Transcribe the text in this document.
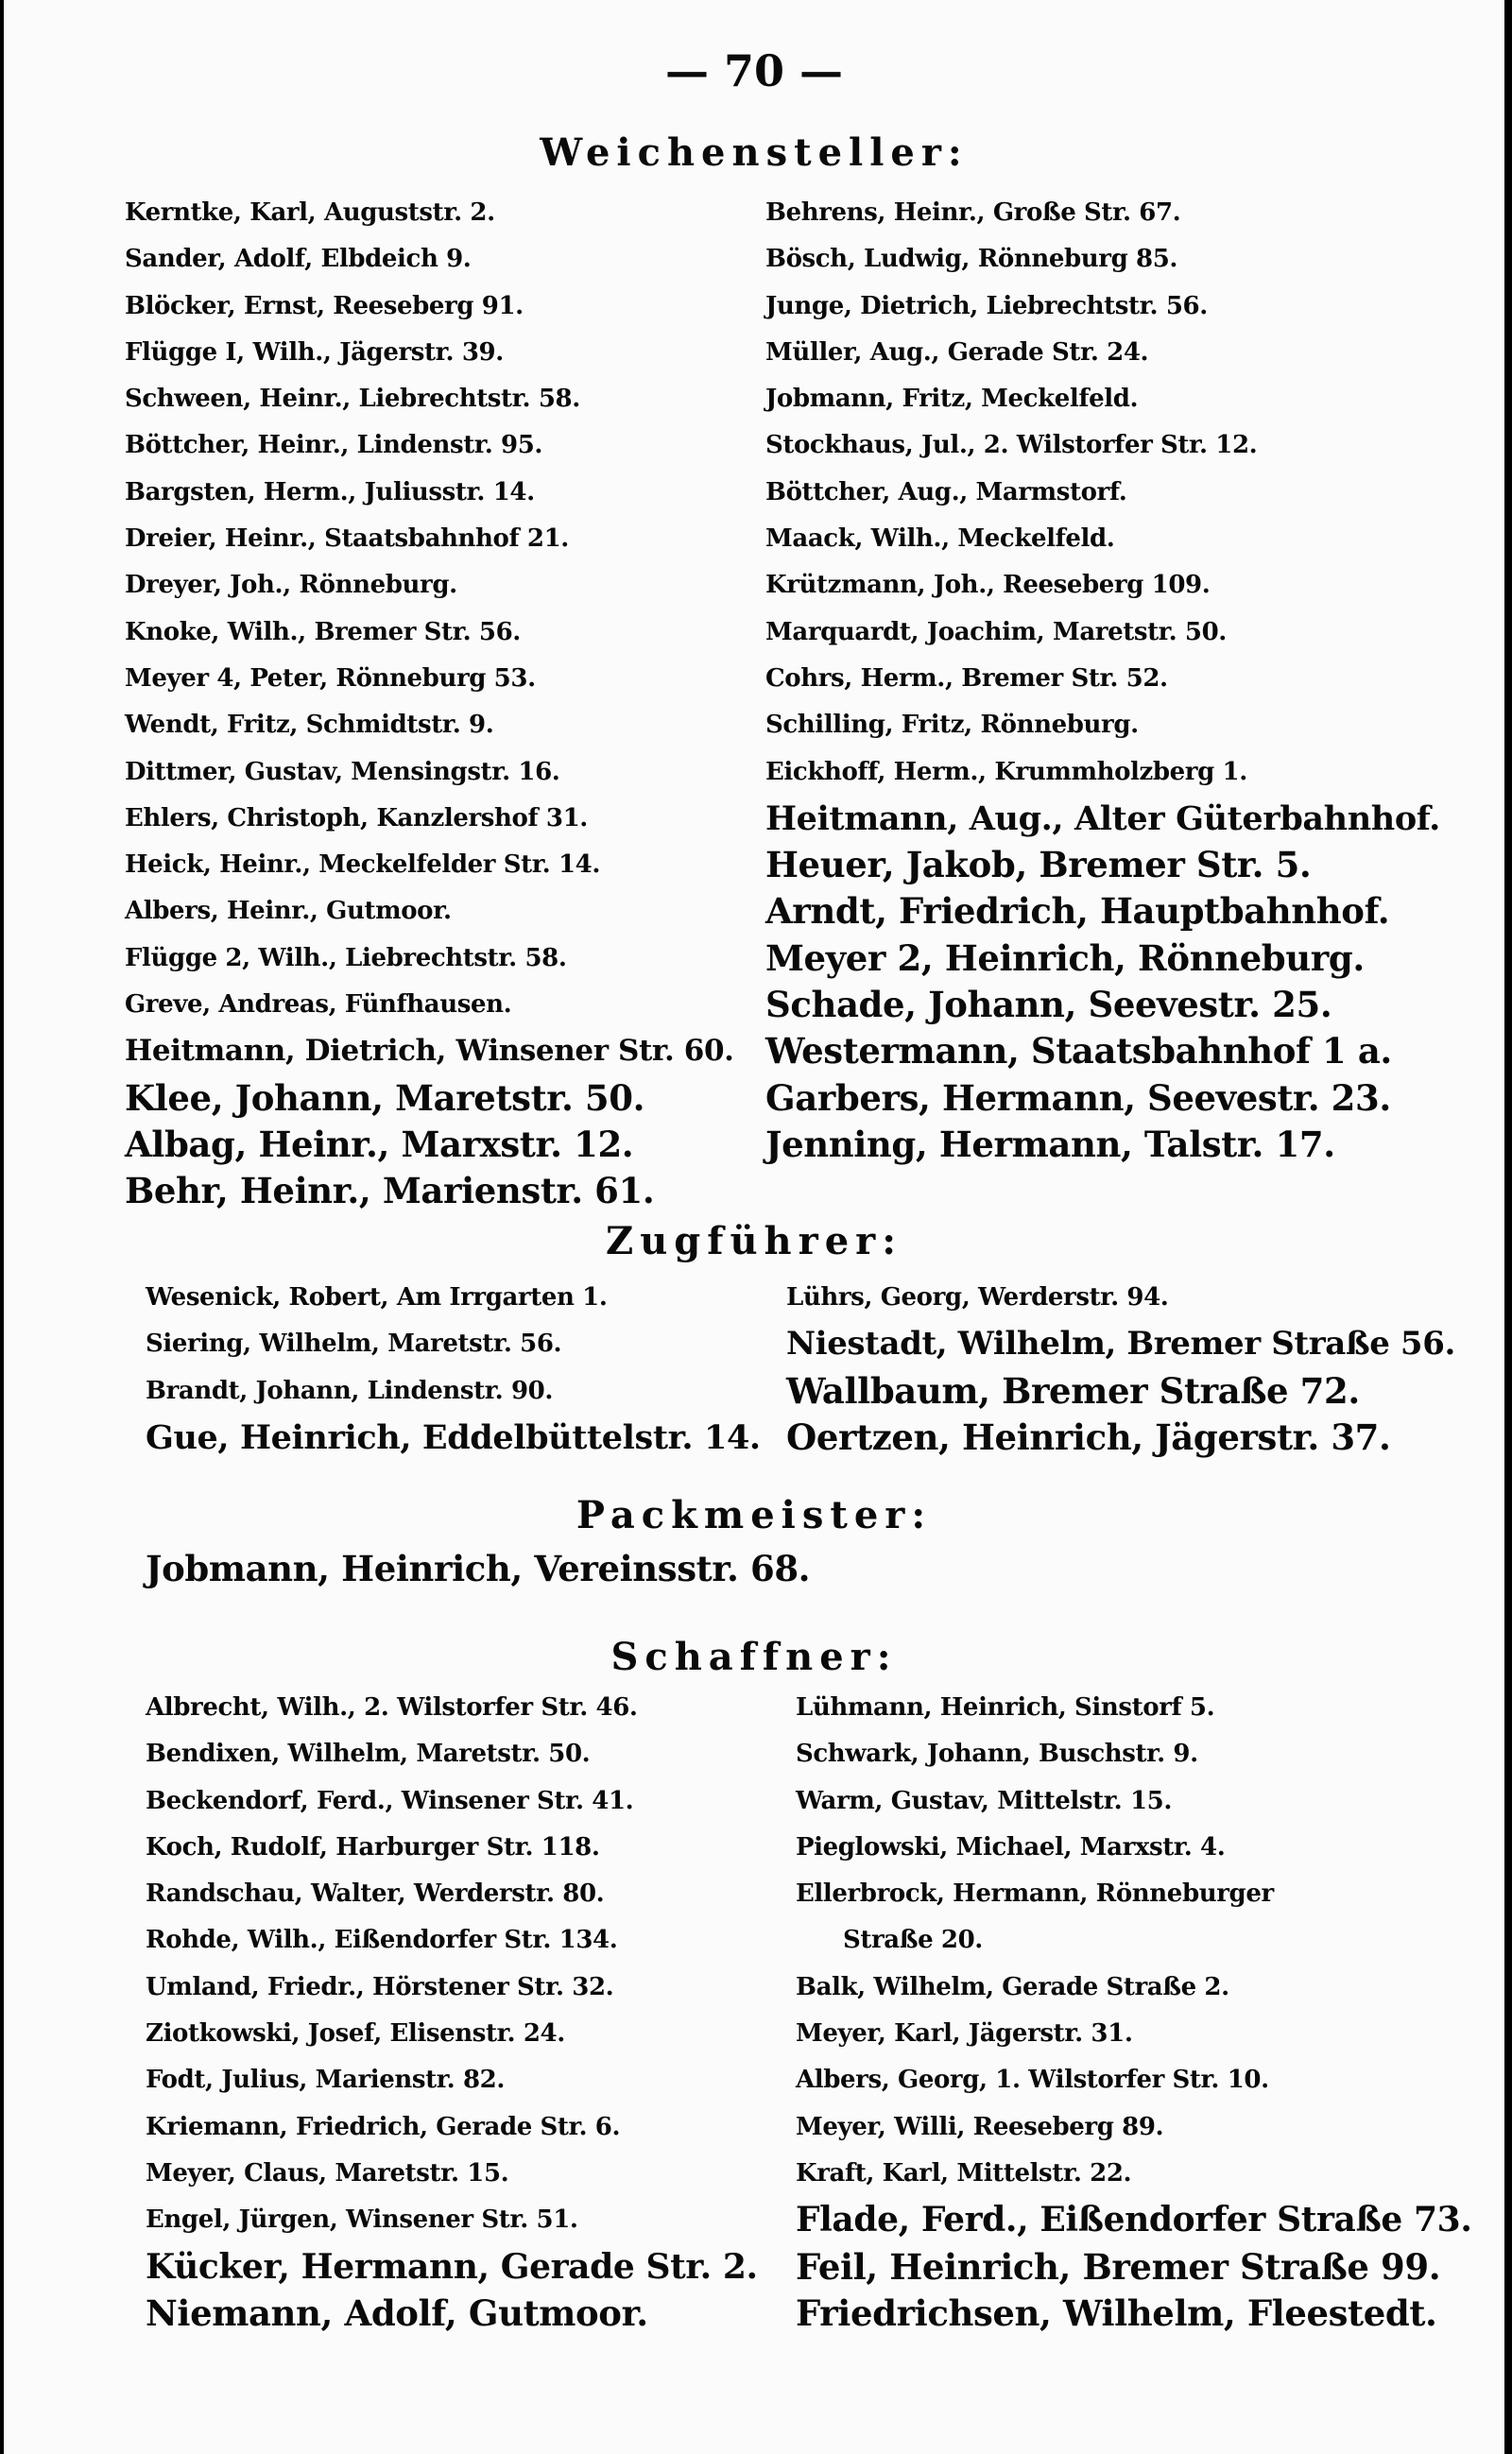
— 70 —
Weichensteller:
Kerntke, Karl, Auguststr. 2.
Sander, Adolf, Elbdeich 9.
Blöcker, Ernst, Reeseberg 91.
Flügge I, Wilh., Jägerstr. 39.
Schween, Heinr., Liebrechtstr. 58.
Böttcher, Heinr., Lindenstr. 95.
Bargsten, Herm., Juliusstr. 14.
Dreier, Heinr., Staatsbahnhof 21.
Dreyer, Joh., Rönneburg.
Knoke, Wilh., Bremer Str. 56.
Meyer 4, Peter, Rönneburg 53.
Wendt, Fritz, Schmidtstr. 9.
Dittmer, Gustav, Mensingstr. 16.
Ehlers, Christoph, Kanzlershof 31.
Heick, Heinr., Meckelfelder Str. 14.
Albers, Heinr., Gutmoor.
Flügge 2, Wilh., Liebrechtstr. 58.
Greve, Andreas, Fünfhausen.
Heitmann, Dietrich, Winsener Str. 60.
Klee, Johann, Maretstr. 50.
Albag, Heinr., Marxstr. 12.
Behr, Heinr., Marienstr. 61.
Behrens, Heinr., Große Str. 67.
Bösch, Ludwig, Rönneburg 85.
Junge, Dietrich, Liebrechtstr. 56.
Müller, Aug., Gerade Str. 24.
Jobmann, Fritz, Meckelfeld.
Stockhaus, Jul., 2. Wilstorfer Str. 12.
Böttcher, Aug., Marmstorf.
Maack, Wilh., Meckelfeld.
Krützmann, Joh., Reeseberg 109.
Marquardt, Joachim, Maretstr. 50.
Cohrs, Herm., Bremer Str. 52.
Schilling, Fritz, Rönneburg.
Eickhoff, Herm., Krummholzberg 1.
Heitmann, Aug., Alter Güterbahnhof.
Heuer, Jakob, Bremer Str. 5.
Arndt, Friedrich, Hauptbahnhof.
Meyer 2, Heinrich, Rönneburg.
Schade, Johann, Seevestr. 25.
Westermann, Staatsbahnhof 1 a.
Garbers, Hermann, Seevestr. 23.
Jenning, Hermann, Talstr. 17.
Zugführer:
Wesenick, Robert, Am Irrgarten 1.
Siering, Wilhelm, Maretstr. 56.
Brandt, Johann, Lindenstr. 90.
Gue, Heinrich, Eddelbüttelstr. 14.
Lührs, Georg, Werderstr. 94.
Niestadt, Wilhelm, Bremer Straße 56.
Wallbaum, Bremer Straße 72.
Oertzen, Heinrich, Jägerstr. 37.
Packmeister:
Jobmann, Heinrich, Vereinsstr. 68.
Schaffner:
Albrecht, Wilh., 2. Wilstorfer Str. 46.
Bendixen, Wilhelm, Maretstr. 50.
Beckendorf, Ferd., Winsener Str. 41.
Koch, Rudolf, Harburger Str. 118.
Randschau, Walter, Werderstr. 80.
Rohde, Wilh., Eißendorfer Str. 134.
Umland, Friedr., Hörstener Str. 32.
Ziotkowski, Josef, Elisenstr. 24.
Fodt, Julius, Marienstr. 82.
Kriemann, Friedrich, Gerade Str. 6.
Meyer, Claus, Maretstr. 15.
Engel, Jürgen, Winsener Str. 51.
Kücker, Hermann, Gerade Str. 2.
Niemann, Adolf, Gutmoor.
Lühmann, Heinrich, Sinstorf 5.
Schwark, Johann, Buschstr. 9.
Warm, Gustav, Mittelstr. 15.
Pieglowski, Michael, Marxstr. 4.
Ellerbrock, Hermann, Rönneburger
Straße 20.
Balk, Wilhelm, Gerade Straße 2.
Meyer, Karl, Jägerstr. 31.
Albers, Georg, 1. Wilstorfer Str. 10.
Meyer, Willi, Reeseberg 89.
Kraft, Karl, Mittelstr. 22.
Flade, Ferd., Eißendorfer Straße 73.
Feil, Heinrich, Bremer Straße 99.
Friedrichsen, Wilhelm, Fleestedt.
